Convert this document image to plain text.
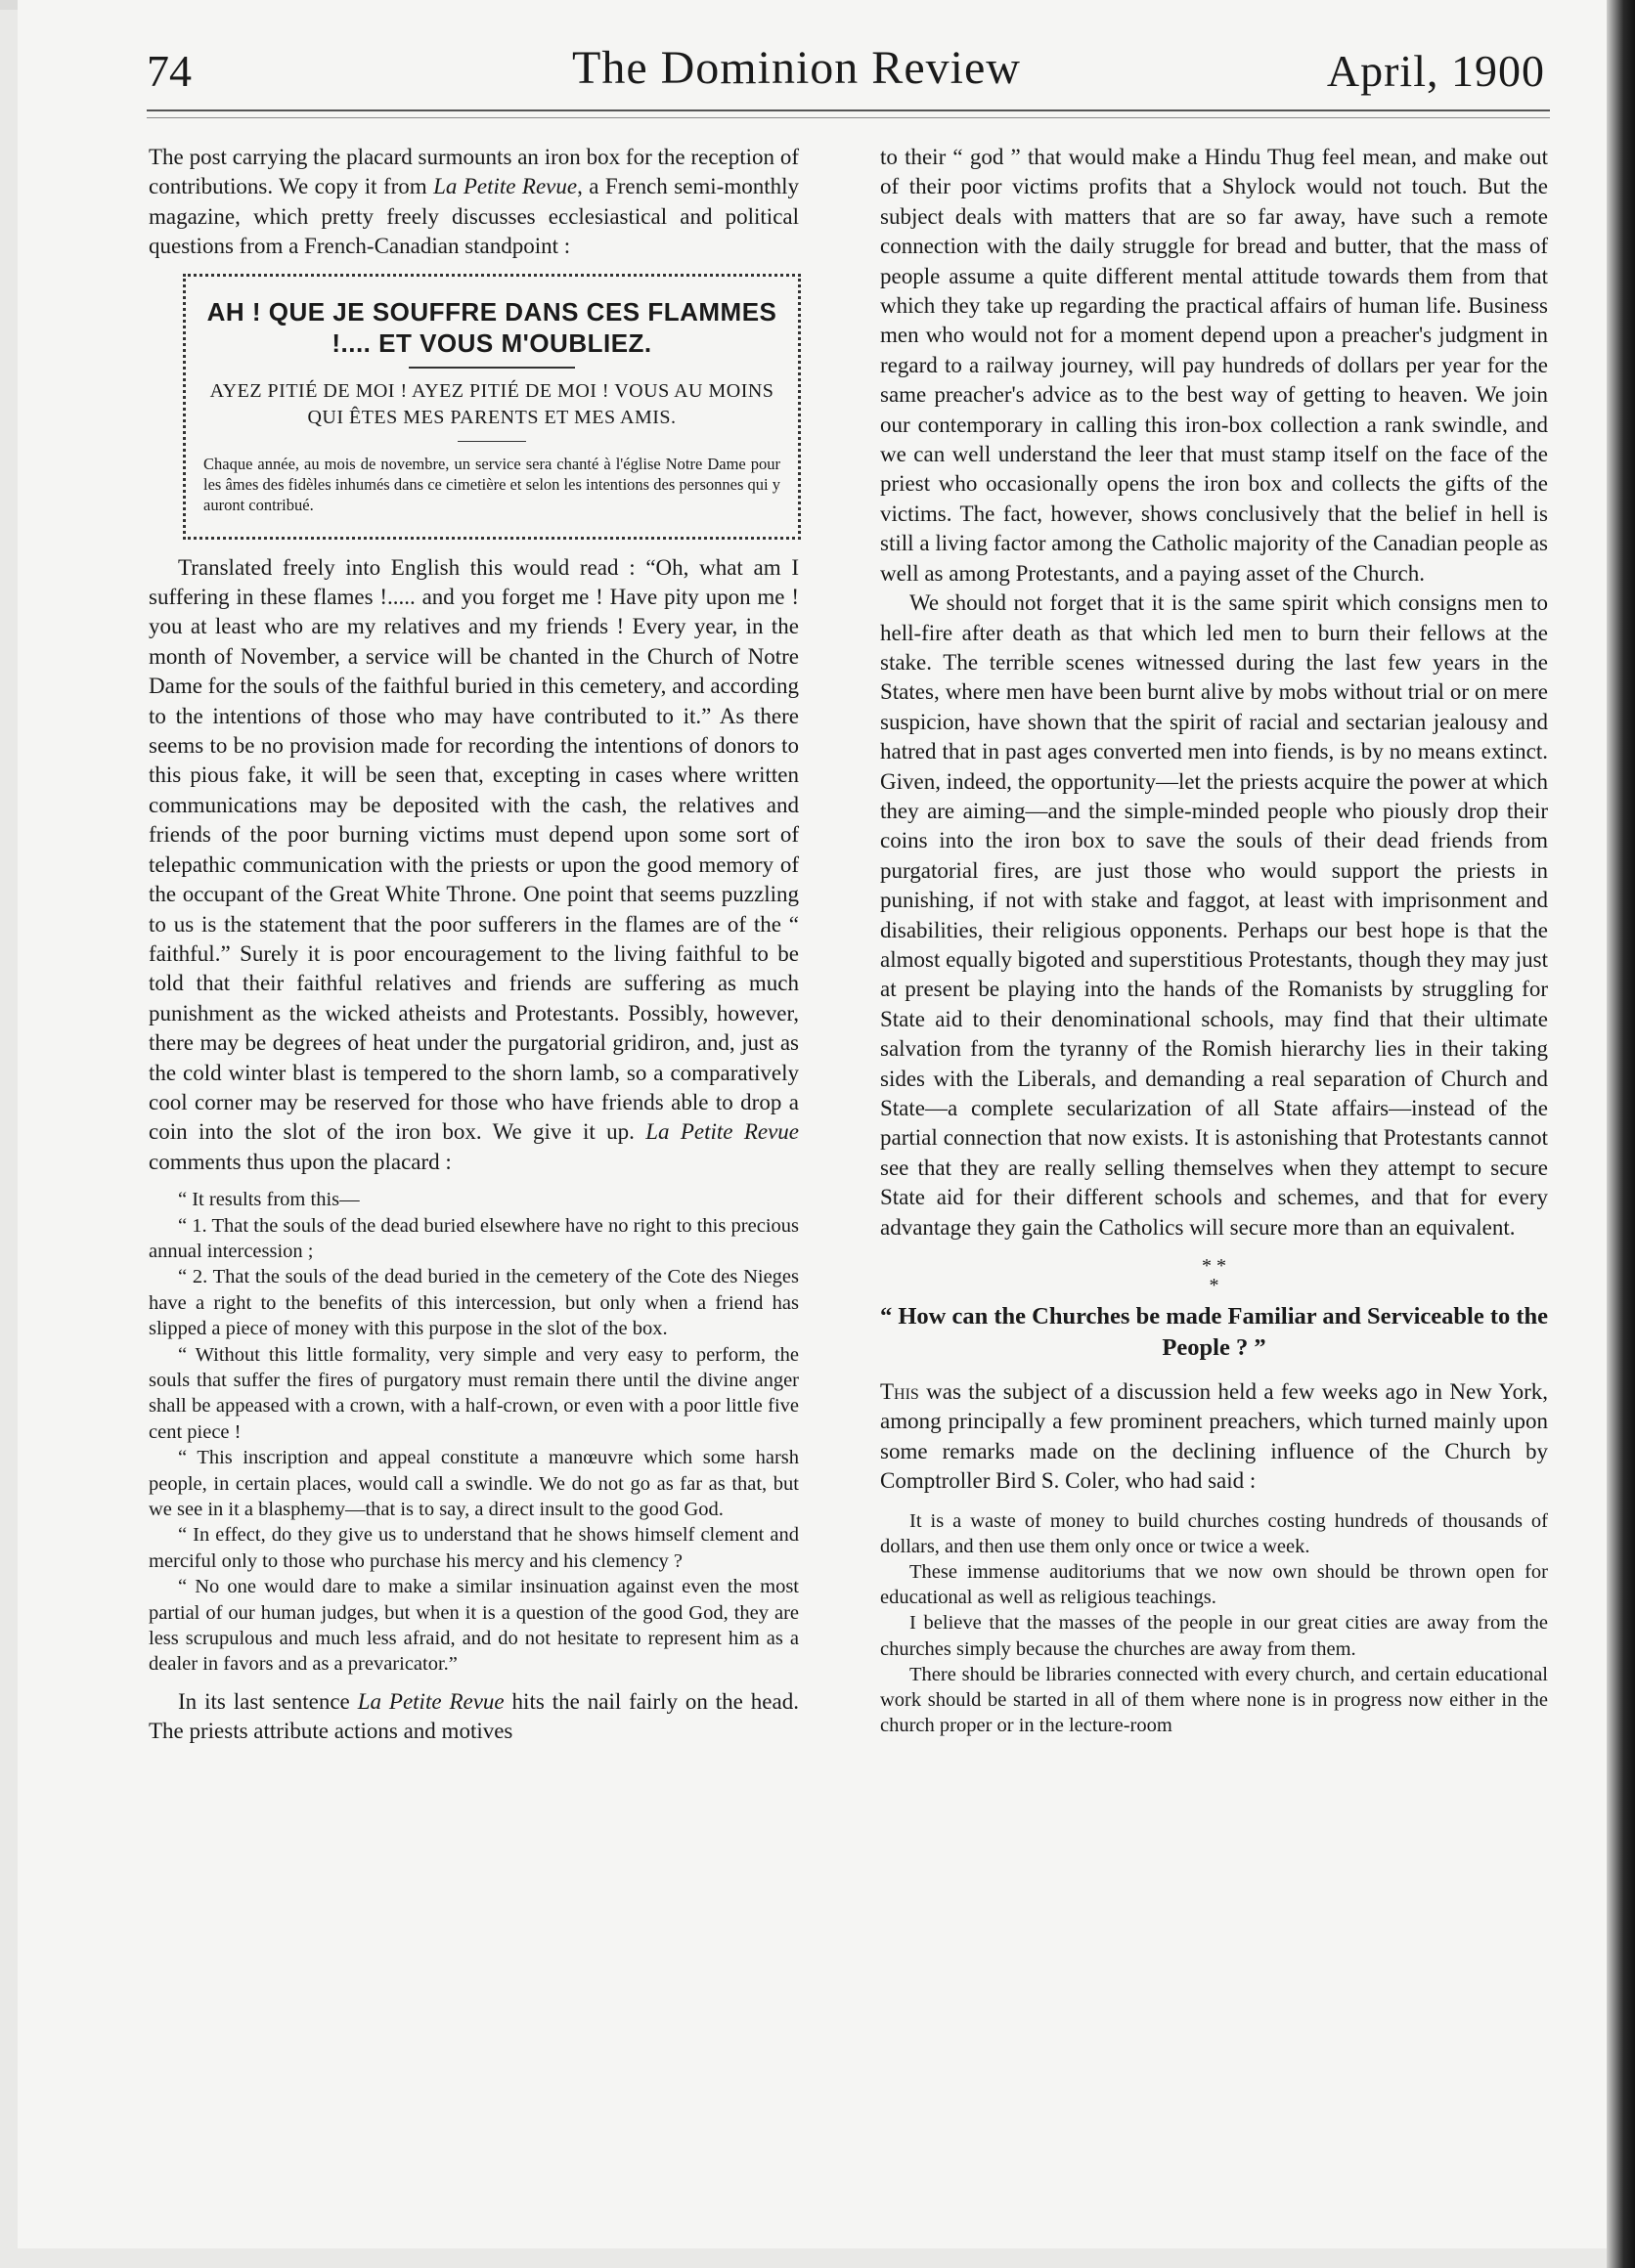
74	The Dominion Review	April, 1900

The post carrying the placard surmounts an iron box for the reception of contributions. We copy it from La Petite Revue, a French semi-monthly magazine, which pretty freely discusses ecclesiastical and political questions from a French-Canadian standpoint :

AH ! QUE JE SOUFFRE DANS CES FLAMMES !.... ET VOUS M'OUBLIEZ.
AYEZ PITIÉ DE MOI ! AYEZ PITIÉ DE MOI ! VOUS AU MOINS QUI ÊTES MES PARENTS ET MES AMIS.
Chaque année, au mois de novembre, un service sera chanté à l'église Notre Dame pour les âmes des fidèles inhumés dans ce cimetière et selon les intentions des personnes qui y auront contribué.

Translated freely into English this would read : “Oh, what am I suffering in these flames !..... and you forget me ! Have pity upon me ! you at least who are my relatives and my friends ! Every year, in the month of November, a service will be chanted in the Church of Notre Dame for the souls of the faithful buried in this cemetery, and according to the intentions of those who may have contributed to it.” As there seems to be no provision made for recording the intentions of donors to this pious fake, it will be seen that, excepting in cases where written communications may be deposited with the cash, the relatives and friends of the poor burning victims must depend upon some sort of telepathic communication with the priests or upon the good memory of the occupant of the Great White Throne. One point that seems puzzling to us is the statement that the poor sufferers in the flames are of the “ faithful.” Surely it is poor encouragement to the living faithful to be told that their faithful relatives and friends are suffering as much punishment as the wicked atheists and Protestants. Possibly, however, there may be degrees of heat under the purgatorial gridiron, and, just as the cold winter blast is tempered to the shorn lamb, so a comparatively cool corner may be reserved for those who have friends able to drop a coin into the slot of the iron box. We give it up. La Petite Revue comments thus upon the placard :

“ It results from this—

“ 1. That the souls of the dead buried elsewhere have no right to this precious annual intercession ;

“ 2. That the souls of the dead buried in the cemetery of the Cote des Nieges have a right to the benefits of this intercession, but only when a friend has slipped a piece of money with this purpose in the slot of the box.

“ Without this little formality, very simple and very easy to perform, the souls that suffer the fires of purgatory must remain there until the divine anger shall be appeased with a crown, with a half-crown, or even with a poor little five cent piece !

“ This inscription and appeal constitute a manœuvre which some harsh people, in certain places, would call a swindle. We do not go as far as that, but we see in it a blasphemy—that is to say, a direct insult to the good God.

“ In effect, do they give us to understand that he shows himself clement and merciful only to those who purchase his mercy and his clemency ?

“ No one would dare to make a similar insinuation against even the most partial of our human judges, but when it is a question of the good God, they are less scrupulous and much less afraid, and do not hesitate to represent him as a dealer in favors and as a prevaricator.”

In its last sentence La Petite Revue hits the nail fairly on the head. The priests attribute actions and motives

to their “ god ” that would make a Hindu Thug feel mean, and make out of their poor victims profits that a Shylock would not touch. But the subject deals with matters that are so far away, have such a remote connection with the daily struggle for bread and butter, that the mass of people assume a quite different mental attitude towards them from that which they take up regarding the practical affairs of human life. Business men who would not for a moment depend upon a preacher's judgment in regard to a railway journey, will pay hundreds of dollars per year for the same preacher's advice as to the best way of getting to heaven. We join our contemporary in calling this iron-box collection a rank swindle, and we can well understand the leer that must stamp itself on the face of the priest who occasionally opens the iron box and collects the gifts of the victims. The fact, however, shows conclusively that the belief in hell is still a living factor among the Catholic majority of the Canadian people as well as among Protestants, and a paying asset of the Church.

We should not forget that it is the same spirit which consigns men to hell-fire after death as that which led men to burn their fellows at the stake. The terrible scenes witnessed during the last few years in the States, where men have been burnt alive by mobs without trial or on mere suspicion, have shown that the spirit of racial and sectarian jealousy and hatred that in past ages converted men into fiends, is by no means extinct. Given, indeed, the opportunity—let the priests acquire the power at which they are aiming—and the simple-minded people who piously drop their coins into the iron box to save the souls of their dead friends from purgatorial fires, are just those who would support the priests in punishing, if not with stake and faggot, at least with imprisonment and disabilities, their religious opponents. Perhaps our best hope is that the almost equally bigoted and superstitious Protestants, though they may just at present be playing into the hands of the Romanists by struggling for State aid to their denominational schools, may find that their ultimate salvation from the tyranny of the Romish hierarchy lies in their taking sides with the Liberals, and demanding a real separation of Church and State—a complete secularization of all State affairs—instead of the partial connection that now exists. It is astonishing that Protestants cannot see that they are really selling themselves when they attempt to secure State aid for their different schools and schemes, and that for every advantage they gain the Catholics will secure more than an equivalent.

* *
*

“ How can the Churches be made Familiar and Serviceable to the People ? ”

This was the subject of a discussion held a few weeks ago in New York, among principally a few prominent preachers, which turned mainly upon some remarks made on the declining influence of the Church by Comptroller Bird S. Coler, who had said :

It is a waste of money to build churches costing hundreds of thousands of dollars, and then use them only once or twice a week.

These immense auditoriums that we now own should be thrown open for educational as well as religious teachings.

I believe that the masses of the people in our great cities are away from the churches simply because the churches are away from them.

There should be libraries connected with every church, and certain educational work should be started in all of them where none is in progress now either in the church proper or in the lecture-room
